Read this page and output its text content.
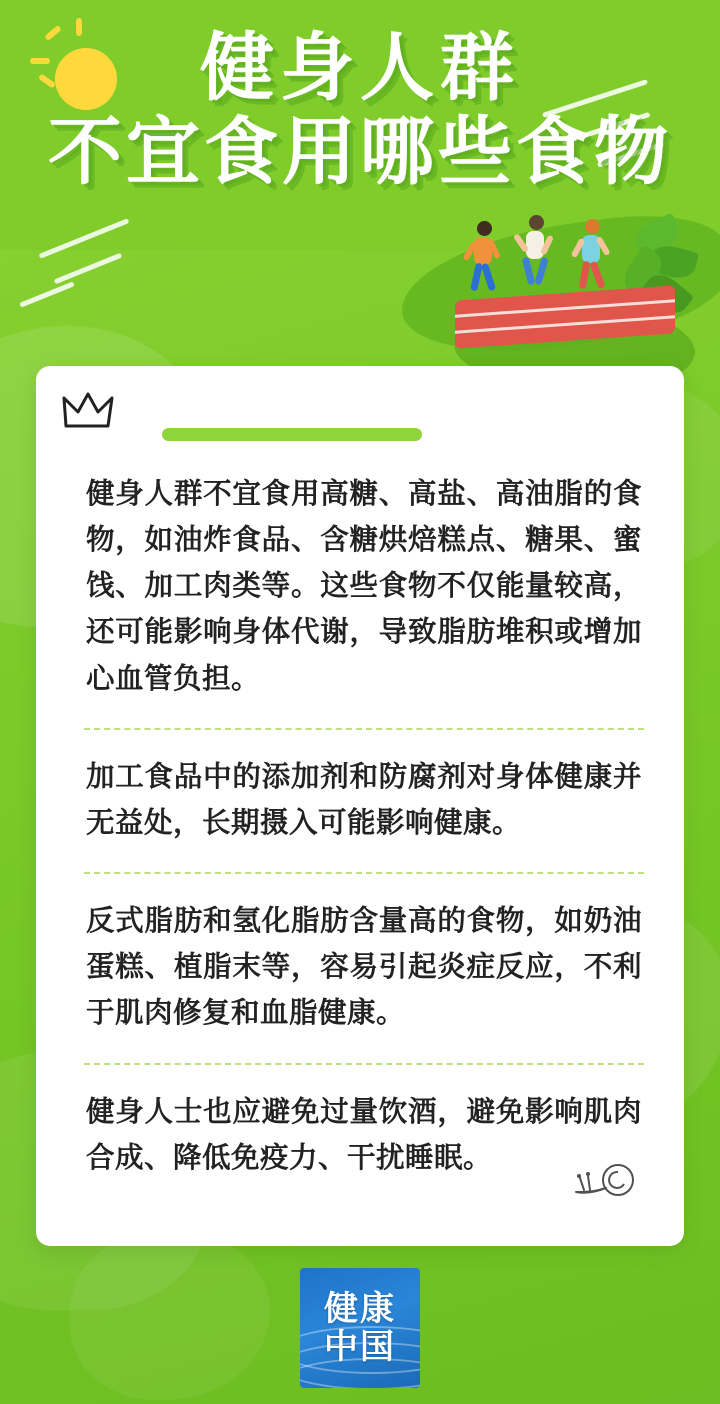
健身人群
不宜食用哪些食物

健身人群不宜食用高糖、高盐、高油脂的食物，如油炸食品、含糖烘焙糕点、糖果、蜜饯、加工肉类等。这些食物不仅能量较高，还可能影响身体代谢，导致脂肪堆积或增加心血管负担。

加工食品中的添加剂和防腐剂对身体健康并无益处，长期摄入可能影响健康。

反式脂肪和氢化脂肪含量高的食物，如奶油蛋糕、植脂末等，容易引起炎症反应，不利于肌肉修复和血脂健康。

健身人士也应避免过量饮酒，避免影响肌肉合成、降低免疫力、干扰睡眠。

健康
中国
